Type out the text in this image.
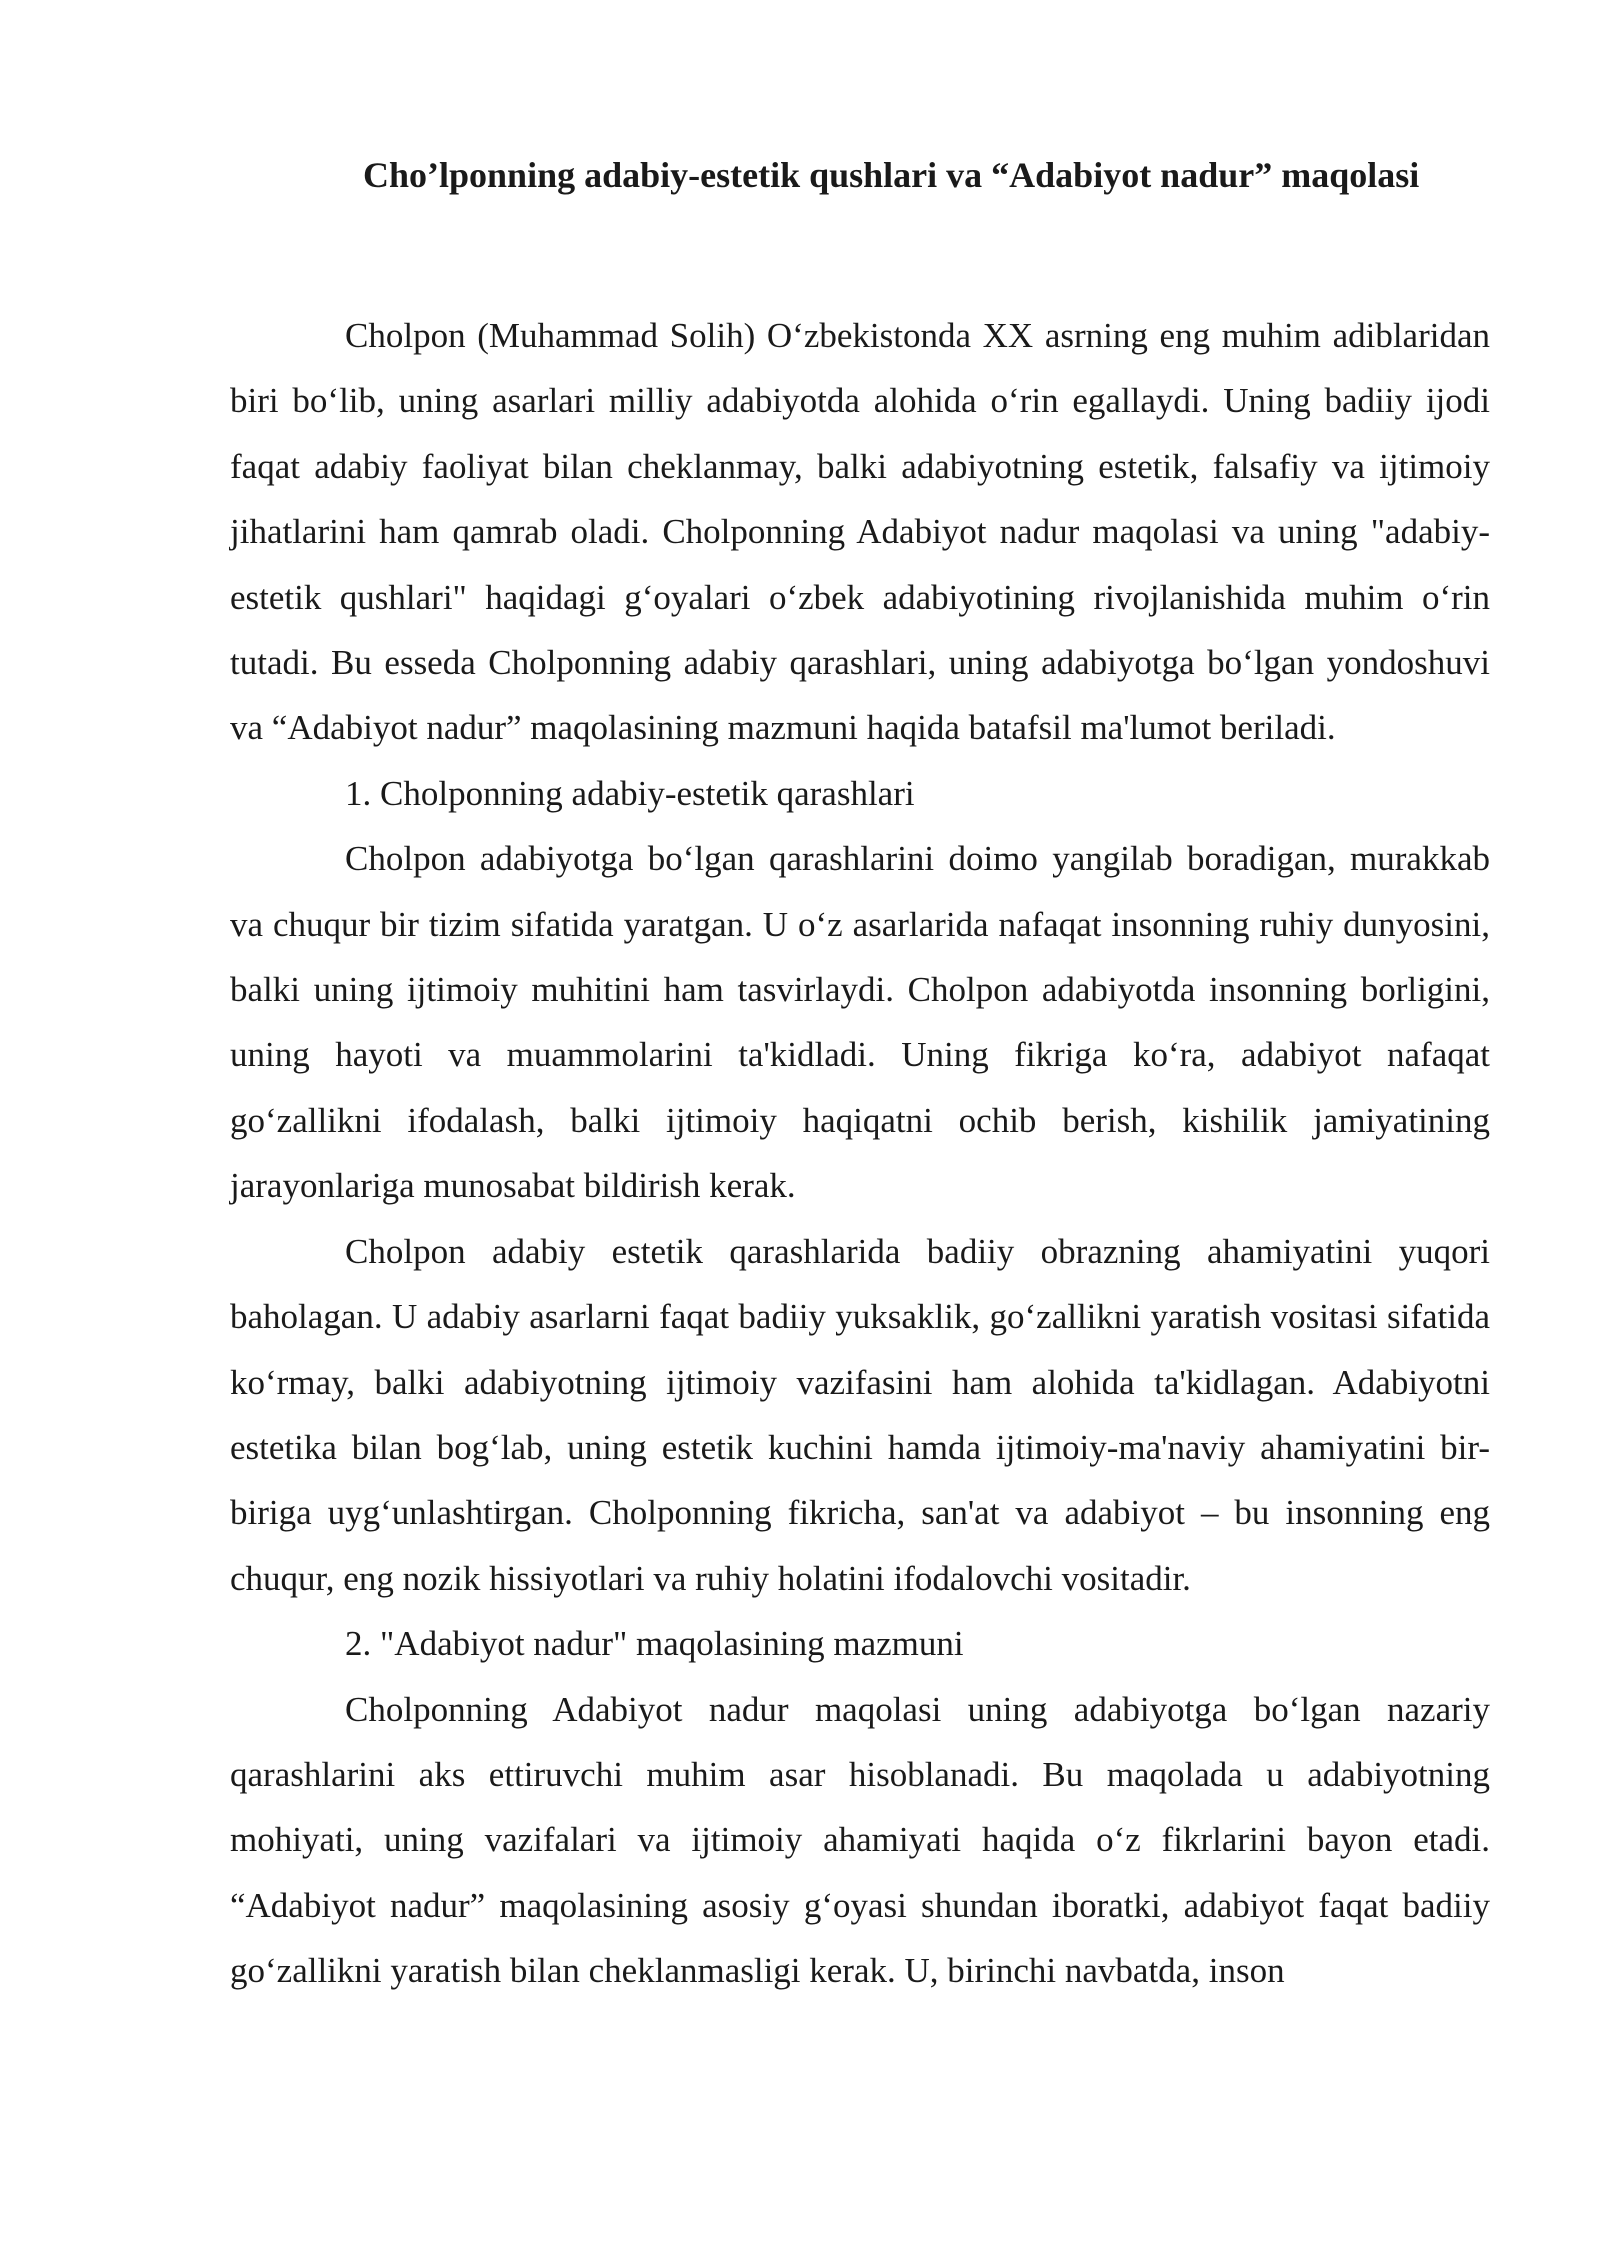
Cho’lponning adabiy-estetik qushlari va “Adabiyot nadur” maqolasi

Cholpon (Muhammad Solih) O‘zbekistonda XX asrning eng muhim adiblaridan biri bo‘lib, uning asarlari milliy adabiyotda alohida o‘rin egallaydi. Uning badiiy ijodi faqat adabiy faoliyat bilan cheklanmay, balki adabiyotning estetik, falsafiy va ijtimoiy jihatlarini ham qamrab oladi. Cholponning Adabiyot nadur maqolasi va uning "adabiy-estetik qushlari" haqidagi g‘oyalari o‘zbek adabiyotining rivojlanishida muhim o‘rin tutadi. Bu esseda Cholponning adabiy qarashlari, uning adabiyotga bo‘lgan yondoshuvi va “Adabiyot nadur” maqolasining mazmuni haqida batafsil ma'lumot beriladi.

1. Cholponning adabiy-estetik qarashlari

Cholpon adabiyotga bo‘lgan qarashlarini doimo yangilab boradigan, murakkab va chuqur bir tizim sifatida yaratgan. U o‘z asarlarida nafaqat insonning ruhiy dunyosini, balki uning ijtimoiy muhitini ham tasvirlaydi. Cholpon adabiyotda insonning borligini, uning hayoti va muammolarini ta'kidladi. Uning fikriga ko‘ra, adabiyot nafaqat go‘zallikni ifodalash, balki ijtimoiy haqiqatni ochib berish, kishilik jamiyatining jarayonlariga munosabat bildirish kerak.

Cholpon adabiy estetik qarashlarida badiiy obrazning ahamiyatini yuqori baholagan. U adabiy asarlarni faqat badiiy yuksaklik, go‘zallikni yaratish vositasi sifatida ko‘rmay, balki adabiyotning ijtimoiy vazifasini ham alohida ta'kidlagan. Adabiyotni estetika bilan bog‘lab, uning estetik kuchini hamda ijtimoiy-ma'naviy ahamiyatini bir-biriga uyg‘unlashtirgan. Cholponning fikricha, san'at va adabiyot – bu insonning eng chuqur, eng nozik hissiyotlari va ruhiy holatini ifodalovchi vositadir.

2. "Adabiyot nadur" maqolasining mazmuni

Cholponning Adabiyot nadur maqolasi uning adabiyotga bo‘lgan nazariy qarashlarini aks ettiruvchi muhim asar hisoblanadi. Bu maqolada u adabiyotning mohiyati, uning vazifalari va ijtimoiy ahamiyati haqida o‘z fikrlarini bayon etadi. “Adabiyot nadur” maqolasining asosiy g‘oyasi shundan iboratki, adabiyot faqat badiiy go‘zallikni yaratish bilan cheklanmasligi kerak. U, birinchi navbatda, inson
